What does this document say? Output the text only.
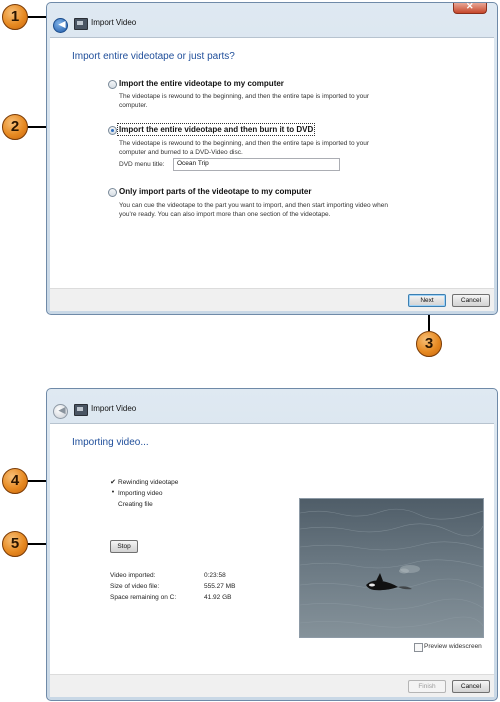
1
2
3
4
5
◄	Import Video
✕
Import entire videotape or just parts?
Import the entire videotape to my computer
The videotape is rewound to the beginning, and then the entire tape is imported to your computer.
Import the entire videotape and then burn it to DVD
The videotape is rewound to the beginning, and then the entire tape is imported to your computer and burned to a DVD-Video disc.
DVD menu title:	Ocean Trip
Only import parts of the videotape to my computer
You can cue the videotape to the part you want to import, and then start importing video when you're ready. You can also import more than one section of the videotape.
Next	Cancel
◄	Import Video
Importing video...
✔ Rewinding videotape
• Importing video
Creating file
Stop
Video imported:	0:23:58
Size of video file:	555.27 MB
Space remaining on C:	41.92 GB
Preview widescreen
Finish	Cancel
